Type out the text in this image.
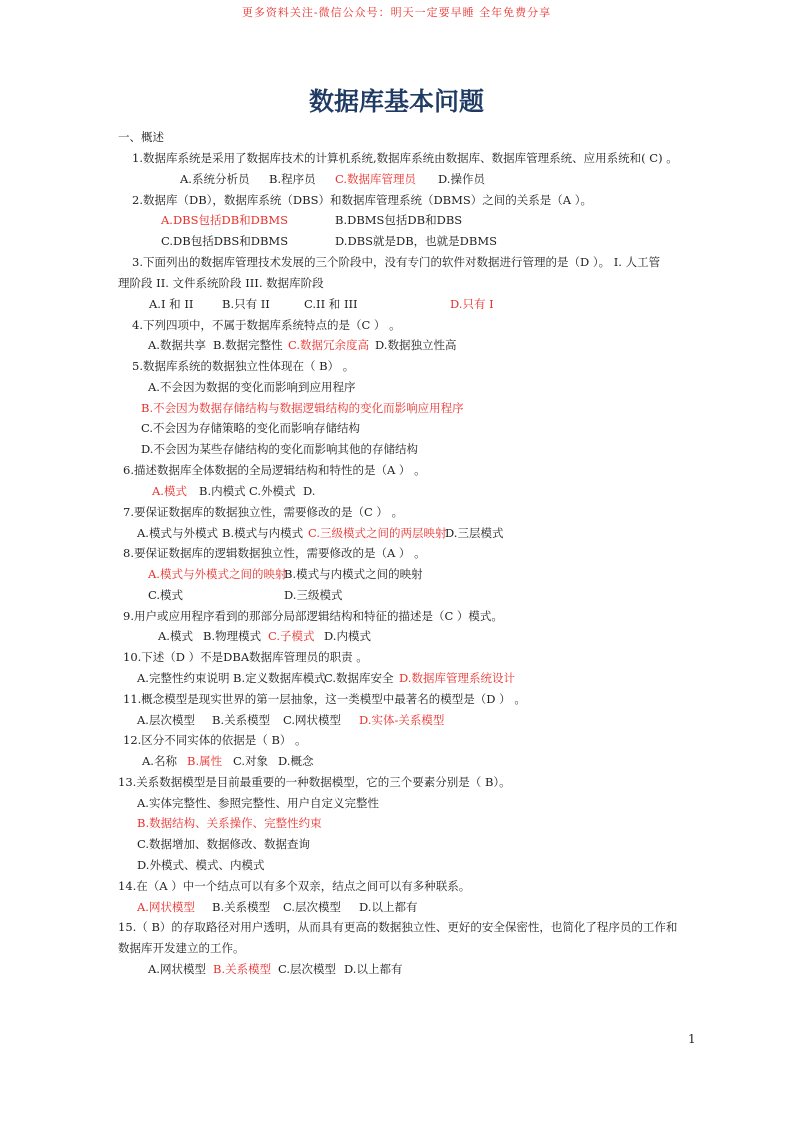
更多资料关注-微信公众号：明天一定要早睡 全年免费分享
数据库基本问题
一、概述
1.数据库系统是采用了数据库技术的计算机系统,数据库系统由数据库、数据库管理系统、应用系统和( C) 。
A.系统分析员 B.程序员 C.数据库管理员 D.操作员
2.数据库（DB），数据库系统（DBS）和数据库管理系统（DBMS）之间的关系是（A ）。
A.DBS包括DB和DBMS	B.DBMS包括DB和DBS
C.DB包括DBS和DBMS	D.DBS就是DB，也就是DBMS
3.下面列出的数据库管理技术发展的三个阶段中，没有专门的软件对数据进行管理的是（D ）。 I. 人工管
理阶段 II. 文件系统阶段 III. 数据库阶段
A.I 和 II B.只有 II	C.II 和 III	D.只有 I
4.下列四项中，不属于数据库系统特点的是（C ） 。
A.数据共享 B.数据完整性 C.数据冗余度高 D.数据独立性高
5.数据库系统的数据独立性体现在（ B） 。
A.不会因为数据的变化而影响到应用程序
B.不会因为数据存储结构与数据逻辑结构的变化而影响应用程序
C.不会因为存储策略的变化而影响存储结构
D.不会因为某些存储结构的变化而影响其他的存储结构
6.描述数据库全体数据的全局逻辑结构和特性的是（A ） 。
A.模式 B.内模式 C.外模式 D.
7.要保证数据库的数据独立性，需要修改的是（C ） 。
A.模式与外模式 B.模式与内模式 C.三级模式之间的两层映射
D.三层模式
8.要保证数据库的逻辑数据独立性，需要修改的是（A ） 。
A.模式与外模式之间的映射
B.模式与内模式之间的映射
C.模式	D.三级模式
9.用户或应用程序看到的那部分局部逻辑结构和特征的描述是（C ）模式。
A.模式 B.物理模式 C.子模式 D.内模式
10.下述（D ）不是DBA数据库管理员的职责 。
A.完整性约束说明 B.定义数据库模式
C.数据库安全 D.数据库管理系统设计
11.概念模型是现实世界的第一层抽象，这一类模型中最著名的模型是（D ） 。
A.层次模型 B.关系模型 C.网状模型 D.实体-关系模型
12.区分不同实体的依据是（ B） 。
A.名称 B.属性 C.对象 D.概念
13.关系数据模型是目前最重要的一种数据模型，它的三个要素分别是（ B）。
A.实体完整性、参照完整性、用户自定义完整性
B.数据结构、关系操作、完整性约束
C.数据增加、数据修改、数据查询
D.外模式、模式、内模式
14.在（A ）中一个结点可以有多个双亲，结点之间可以有多种联系。
A.网状模型 B.关系模型 C.层次模型 D.以上都有
15.（ B）的存取路径对用户透明，从而具有更高的数据独立性、更好的安全保密性，也简化了程序员的工作和
数据库开发建立的工作。
A.网状模型 B.关系模型 C.层次模型 D.以上都有
1
